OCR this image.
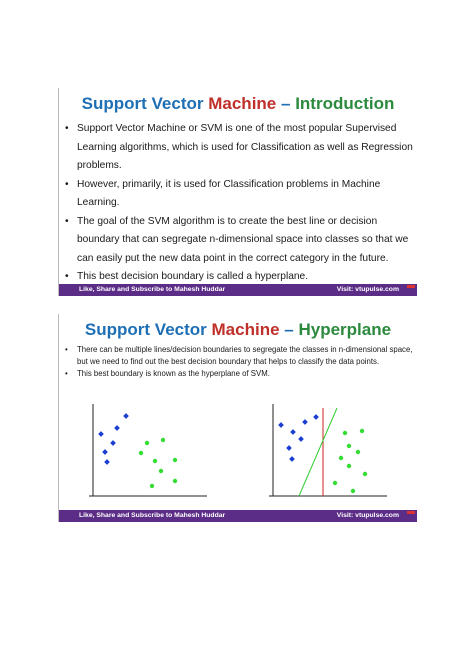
Support Vector Machine – Introduction
• Support Vector Machine or SVM is one of the most popular Supervised Learning algorithms, which is used for Classification as well as Regression problems.
• However, primarily, it is used for Classification problems in Machine Learning.
• The goal of the SVM algorithm is to create the best line or decision boundary that can segregate n-dimensional space into classes so that we can easily put the new data point in the correct category in the future.
• This best decision boundary is called a hyperplane.
Like, Share and Subscribe to Mahesh Huddar	Visit: vtupulse.com
Support Vector Machine – Hyperplane
• There can be multiple lines/decision boundaries to segregate the classes in n-dimensional space, but we need to find out the best decision boundary that helps to classify the data points.
• This best boundary is known as the hyperplane of SVM.
Like, Share and Subscribe to Mahesh Huddar	Visit: vtupulse.com
